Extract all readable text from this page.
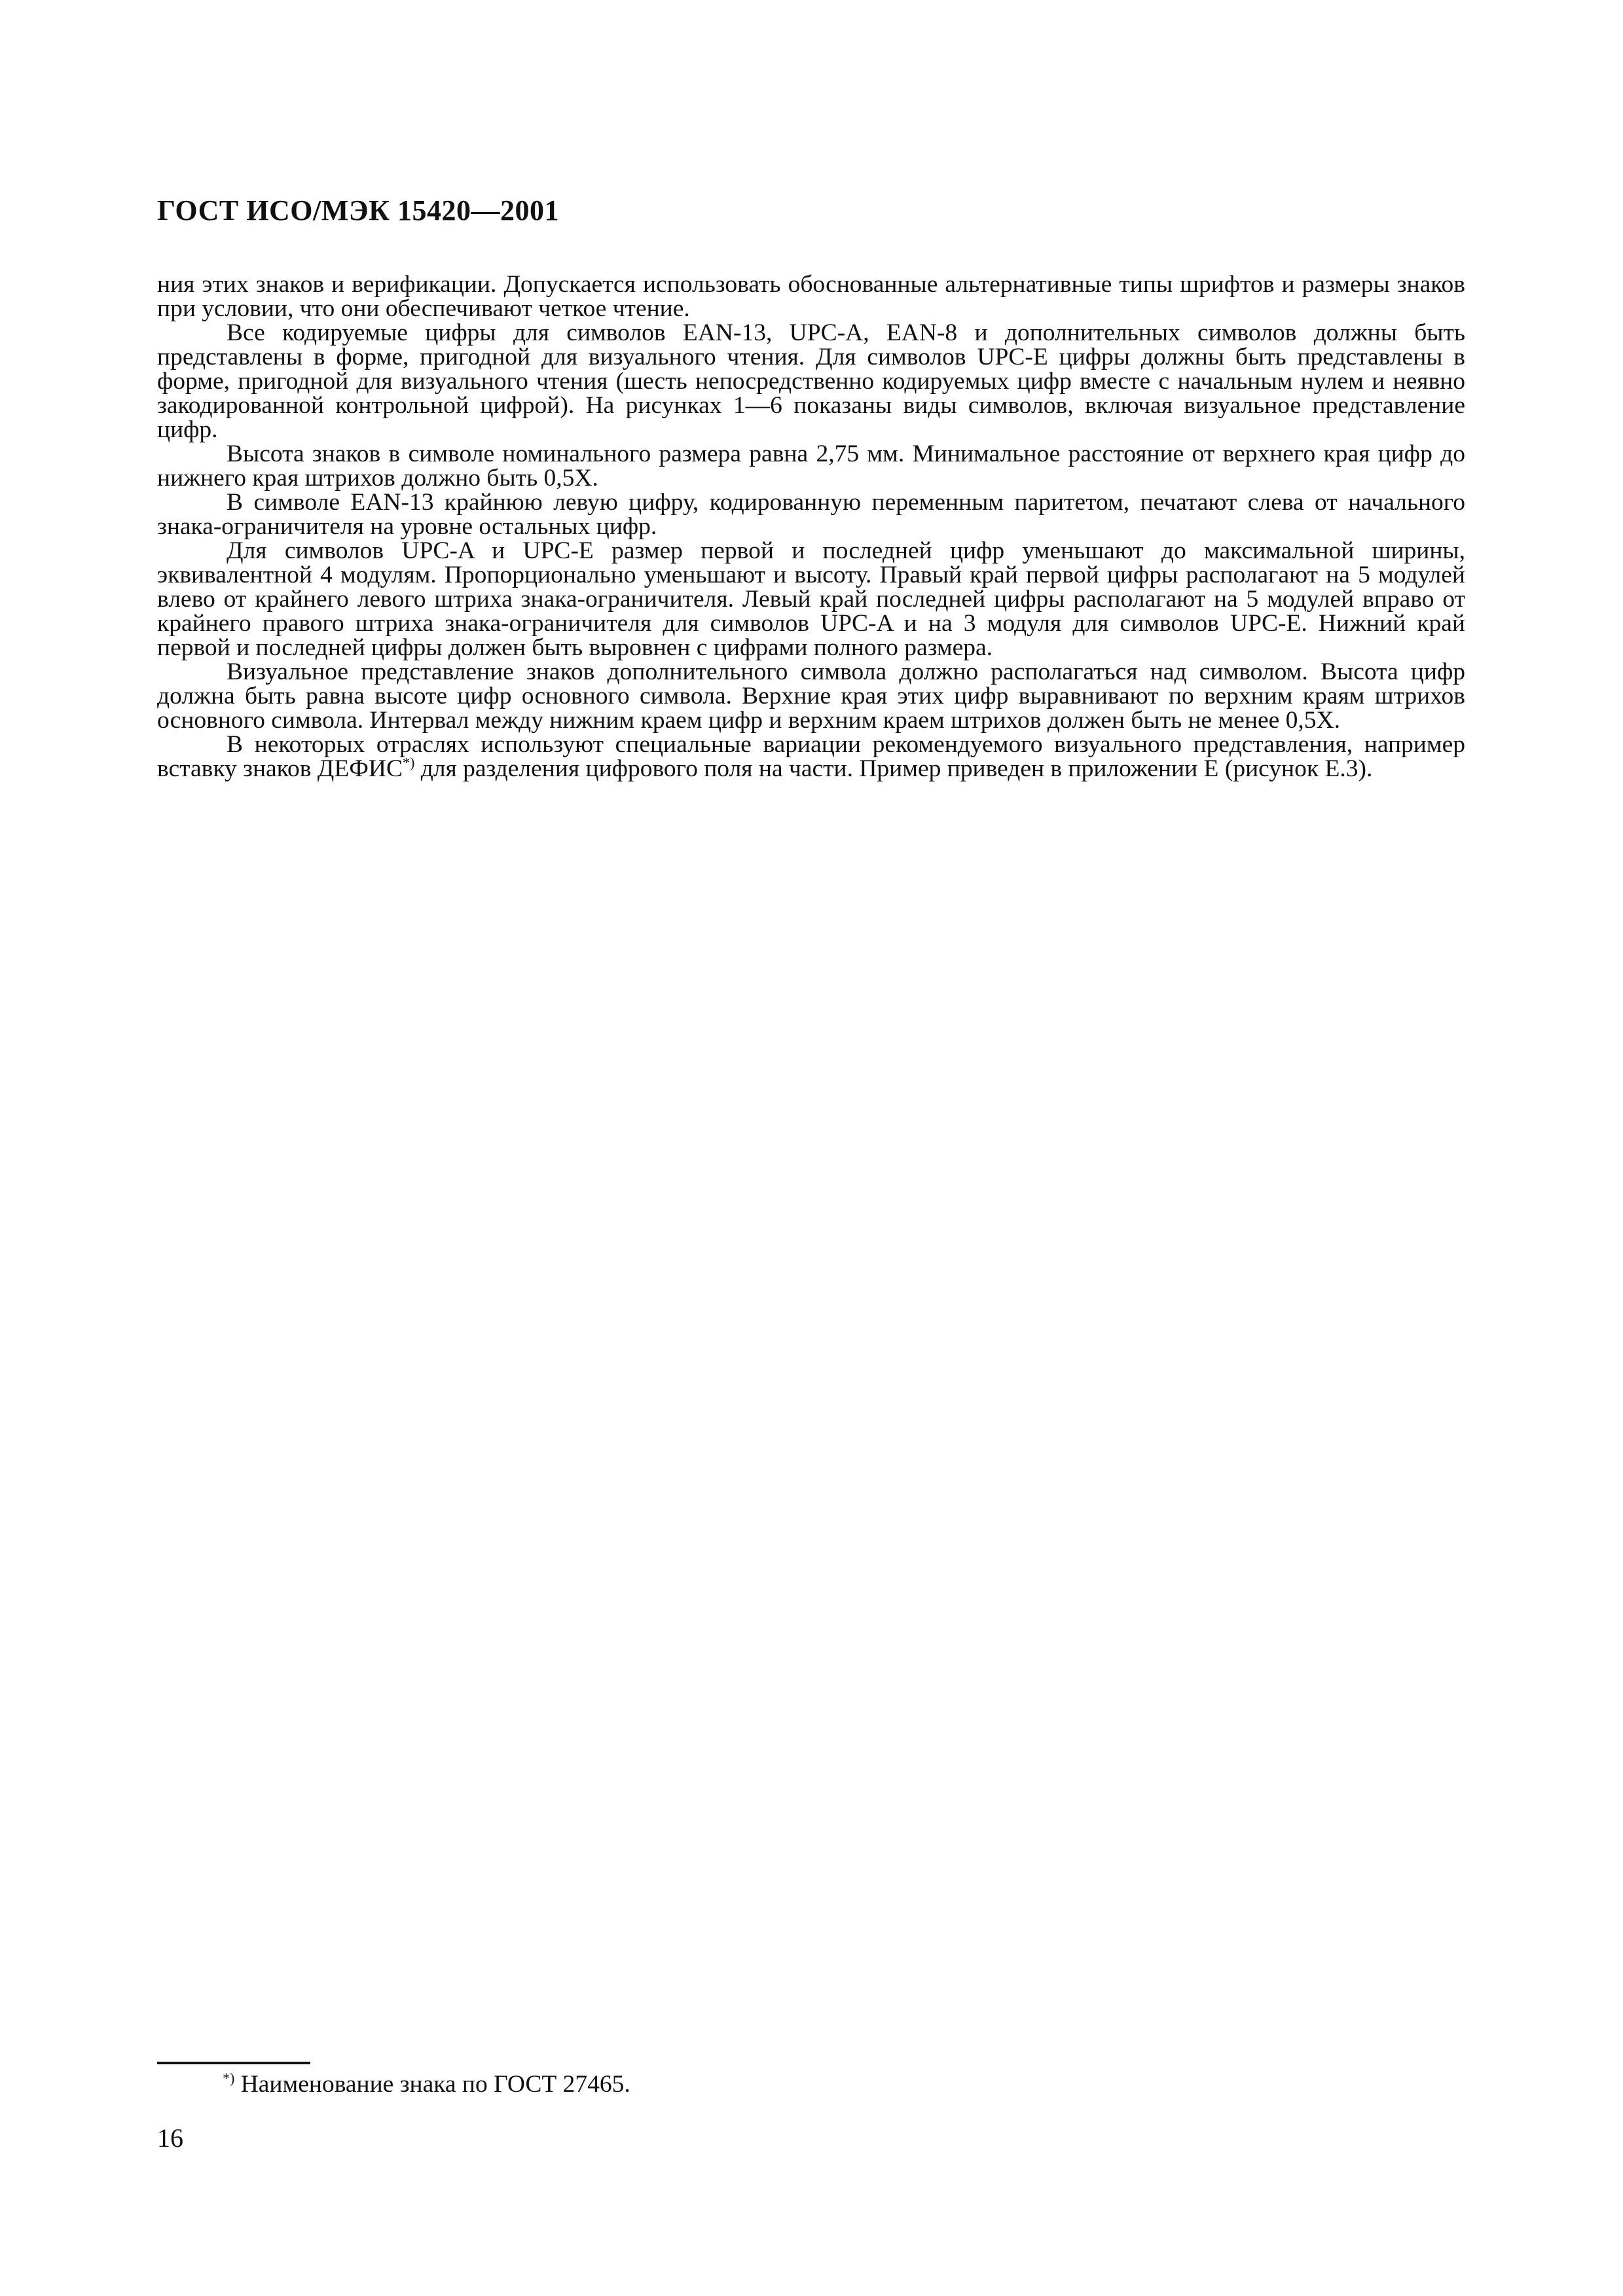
ГОСТ ИСО/МЭК 15420—2001

ния этих знаков и верификации. Допускается использовать обоснованные альтернативные типы шрифтов и размеры знаков при условии, что они обеспечивают четкое чтение.

Все кодируемые цифры для символов EAN-13, UPC-A, EAN-8 и дополнительных символов должны быть представлены в форме, пригодной для визуального чтения. Для символов UPC-E цифры должны быть представлены в форме, пригодной для визуального чтения (шесть непосредственно кодируемых цифр вместе с начальным нулем и неявно закодированной контрольной цифрой). На рисунках 1—6 показаны виды символов, включая визуальное представление цифр.

Высота знаков в символе номинального размера равна 2,75 мм. Минимальное расстояние от верхнего края цифр до нижнего края штрихов должно быть 0,5X.

В символе EAN-13 крайнюю левую цифру, кодированную переменным паритетом, печатают слева от начального знака-ограничителя на уровне остальных цифр.

Для символов UPC-A и UPC-E размер первой и последней цифр уменьшают до максимальной ширины, эквивалентной 4 модулям. Пропорционально уменьшают и высоту. Правый край первой цифры располагают на 5 модулей влево от крайнего левого штриха знака-ограничителя. Левый край последней цифры располагают на 5 модулей вправо от крайнего правого штриха знака-ограничителя для символов UPC-A и на 3 модуля для символов UPC-E. Нижний край первой и последней цифры должен быть выровнен с цифрами полного размера.

Визуальное представление знаков дополнительного символа должно располагаться над символом. Высота цифр должна быть равна высоте цифр основного символа. Верхние края этих цифр выравнивают по верхним краям штрихов основного символа. Интервал между нижним краем цифр и верхним краем штрихов должен быть не менее 0,5X.

В некоторых отраслях используют специальные вариации рекомендуемого визуального представления, например вставку знаков ДЕФИС*) для разделения цифрового поля на части. Пример приведен в приложении Е (рисунок Е.3).

*) Наименование знака по ГОСТ 27465.
16
